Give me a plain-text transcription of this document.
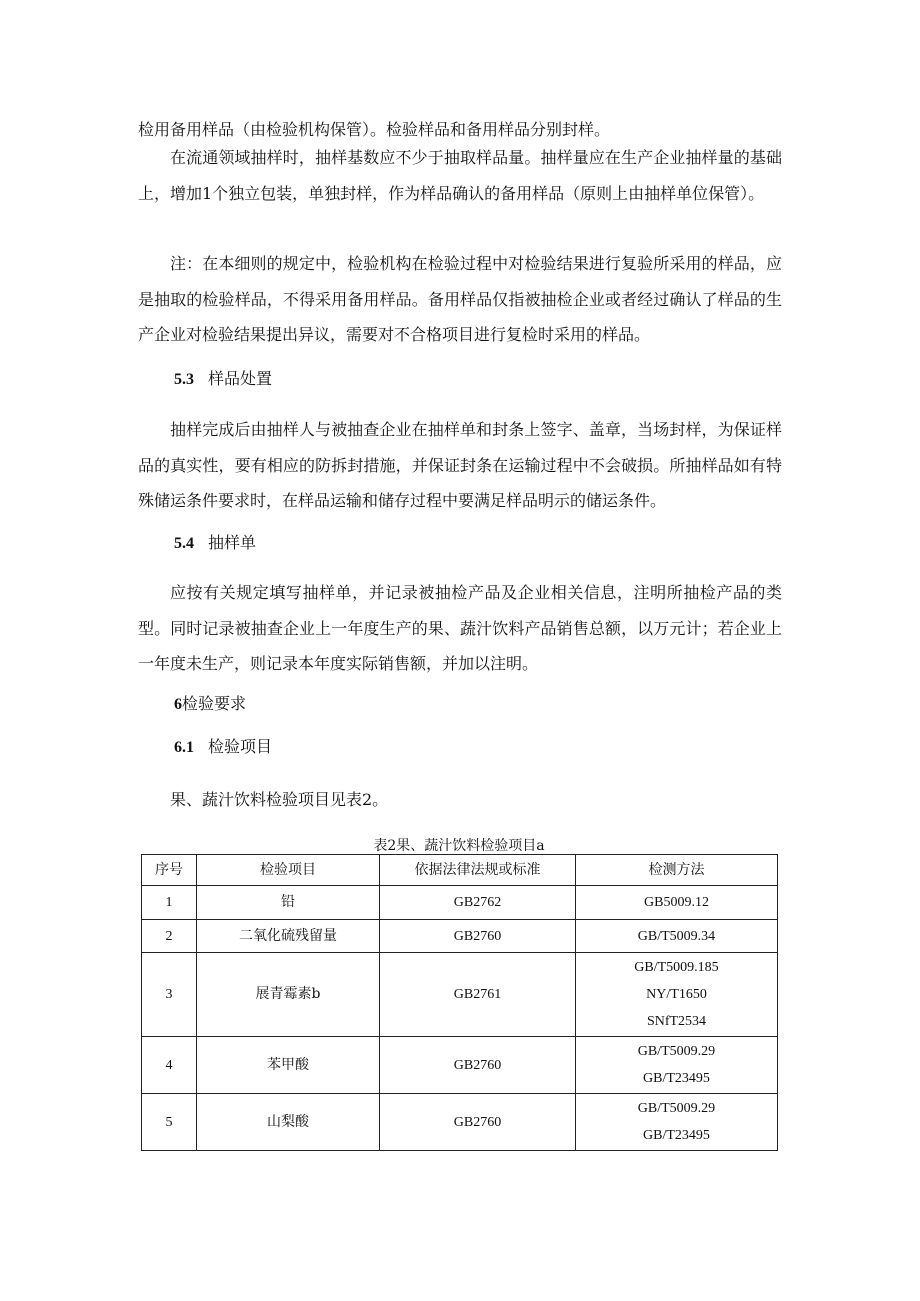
检用备用样品（由检验机构保管）。检验样品和备用样品分别封样。

在流通领域抽样时，抽样基数应不少于抽取样品量。抽样量应在生产企业抽样量的基础上，增加1个独立包装，单独封样，作为样品确认的备用样品（原则上由抽样单位保管）。

注：在本细则的规定中，检验机构在检验过程中对检验结果进行复验所采用的样品，应是抽取的检验样品，不得采用备用样品。备用样品仅指被抽检企业或者经过确认了样品的生产企业对检验结果提出异议，需要对不合格项目进行复检时采用的样品。

5.3 样品处置

抽样完成后由抽样人与被抽查企业在抽样单和封条上签字、盖章，当场封样，为保证样品的真实性，要有相应的防拆封措施，并保证封条在运输过程中不会破损。所抽样品如有特殊储运条件要求时，在样品运输和储存过程中要满足样品明示的储运条件。

5.4 抽样单

应按有关规定填写抽样单，并记录被抽检产品及企业相关信息，注明所抽检产品的类型。同时记录被抽查企业上一年度生产的果、蔬汁饮料产品销售总额，以万元计；若企业上一年度未生产，则记录本年度实际销售额，并加以注明。

6检验要求
6.1 检验项目

果、蔬汁饮料检验项目见表2。

表2果、蔬汁饮料检验项目a
序号	检验项目	依据法律法规或标准	检测方法
1	铅	GB2762	GB5009.12

2	二氧化硫残留量	GB2760	GB/T5009.34

3	展青霉素b	GB2761	GB/T5009.185
NY/T1650
SNfT2534

4	苯甲酸	GB2760	GB/T5009.29
GB/T23495

5	山梨酸	GB2760	GB/T5009.29
GB/T23495
